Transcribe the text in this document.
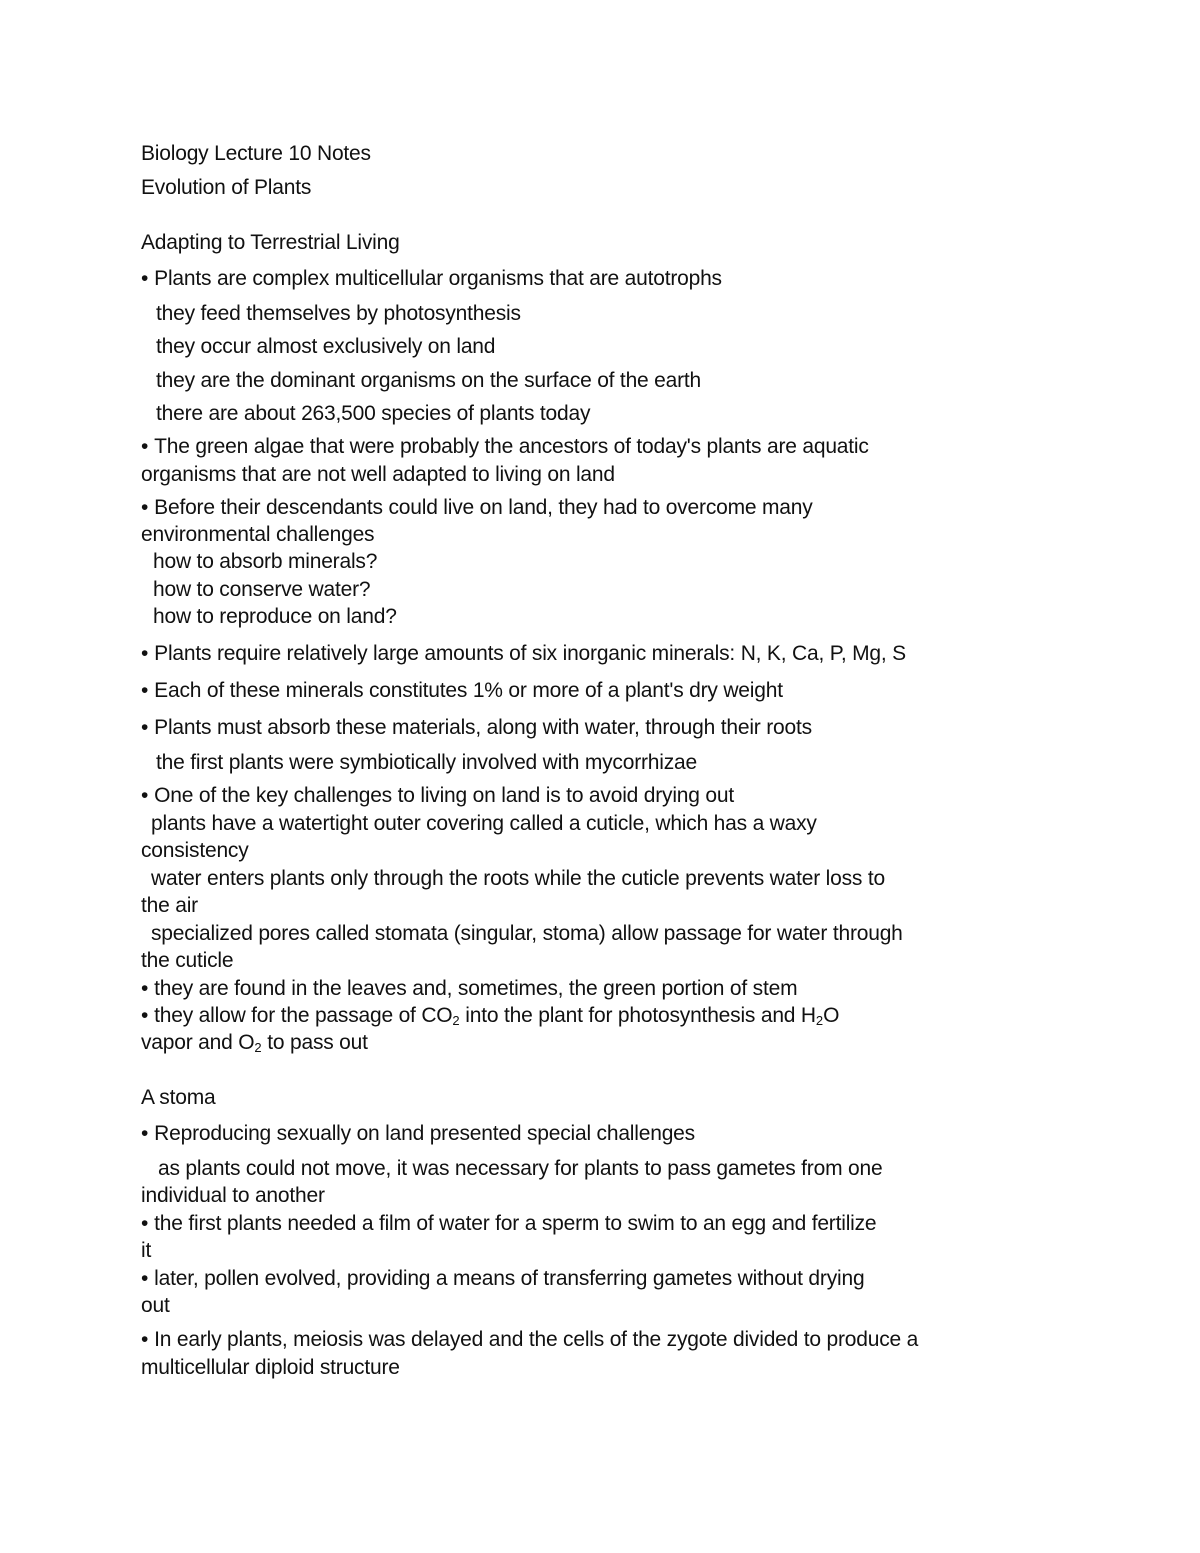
Biology Lecture 10 Notes
Evolution of Plants
Adapting to Terrestrial Living
• Plants are complex multicellular organisms that are autotrophs
they feed themselves by photosynthesis
they occur almost exclusively on land
they are the dominant organisms on the surface of the earth
there are about 263,500 species of plants today
• The green algae that were probably the ancestors of today's plants are aquatic
organisms that are not well adapted to living on land
• Before their descendants could live on land, they had to overcome many
environmental challenges
how to absorb minerals?
how to conserve water?
how to reproduce on land?
• Plants require relatively large amounts of six inorganic minerals: N, K, Ca, P, Mg, S
• Each of these minerals constitutes 1% or more of a plant's dry weight
• Plants must absorb these materials, along with water, through their roots
the first plants were symbiotically involved with mycorrhizae
• One of the key challenges to living on land is to avoid drying out
plants have a watertight outer covering called a cuticle, which has a waxy
consistency
water enters plants only through the roots while the cuticle prevents water loss to
the air
specialized pores called stomata (singular, stoma) allow passage for water through
the cuticle
• they are found in the leaves and, sometimes, the green portion of stem
• they allow for the passage of $CO_2$ into the plant for photosynthesis and $H_2O$
vapor and $O_2$ to pass out
A stoma
• Reproducing sexually on land presented special challenges
as plants could not move, it was necessary for plants to pass gametes from one
individual to another
• the first plants needed a film of water for a sperm to swim to an egg and fertilize
it
• later, pollen evolved, providing a means of transferring gametes without drying
out
• In early plants, meiosis was delayed and the cells of the zygote divided to produce a
multicellular diploid structure
